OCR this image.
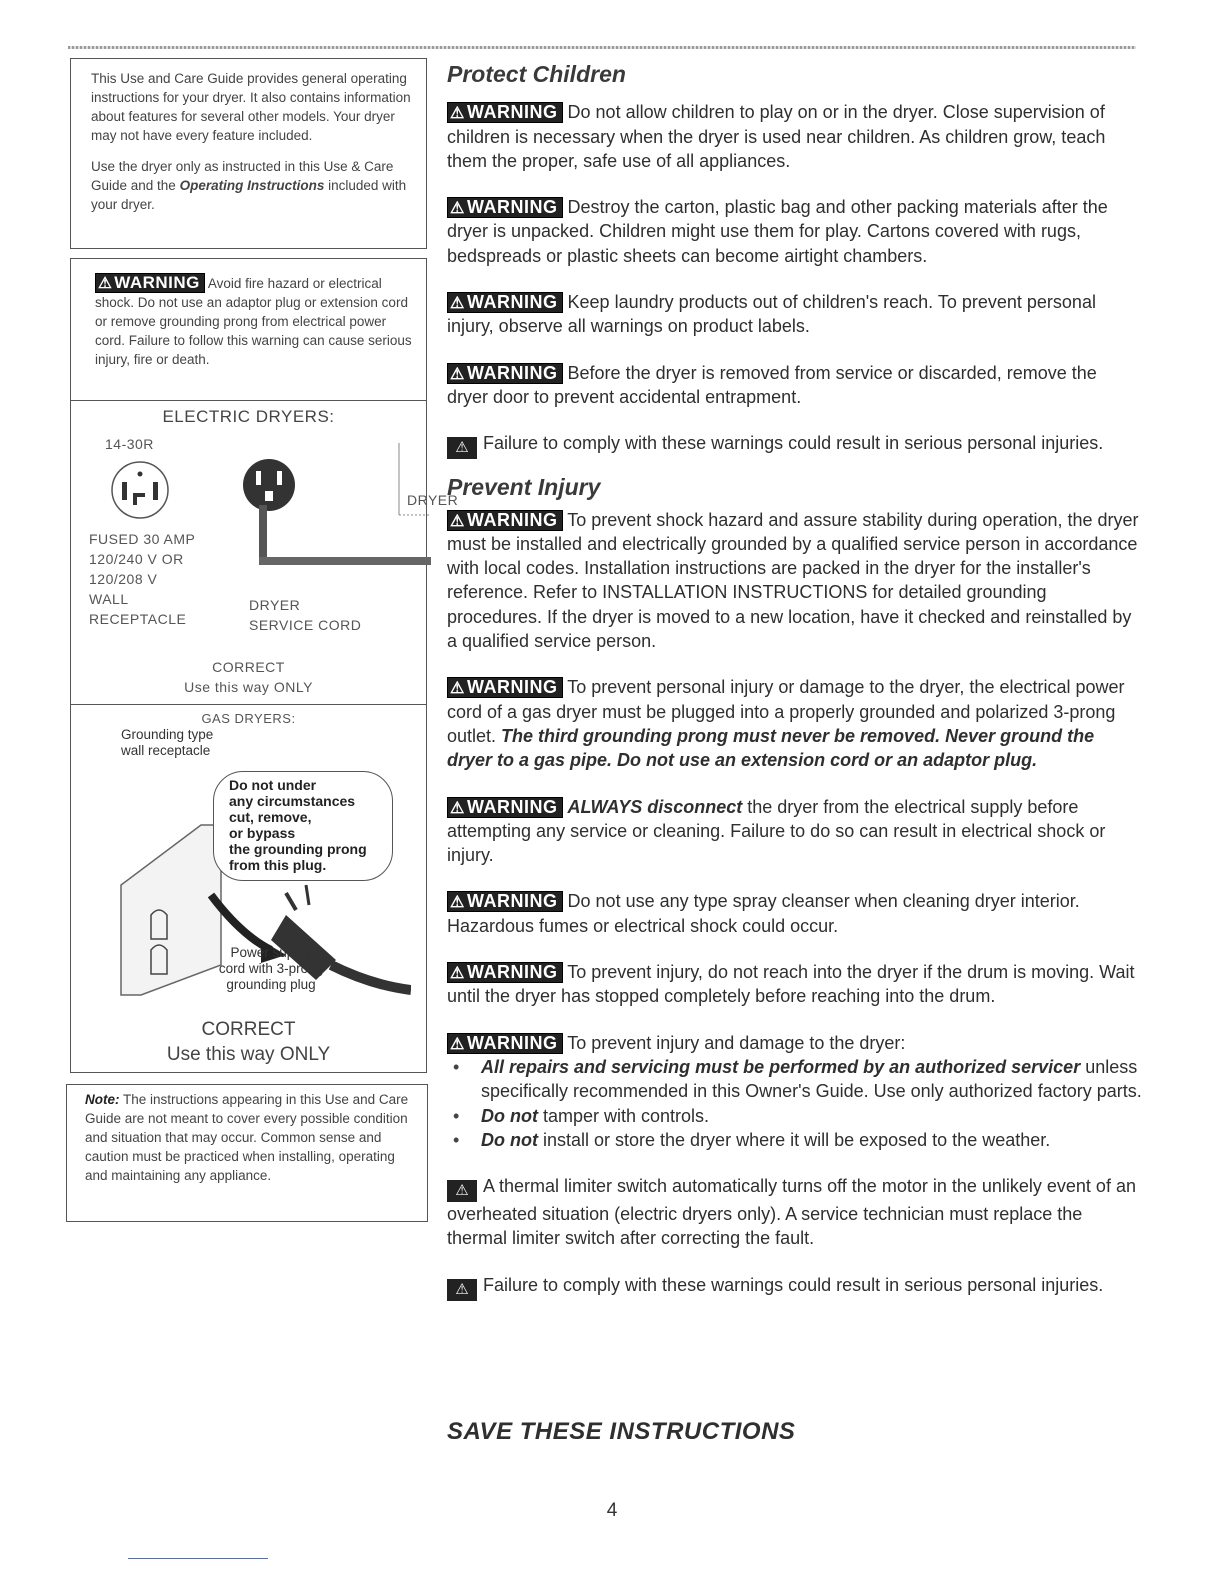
This Use and Care Guide provides general operating instructions for your dryer. It also contains information about features for several other models. Your dryer may not have every feature included.

Use the dryer only as instructed in this Use & Care Guide and the Operating Instructions included with your dryer.

⚠ WARNING Avoid fire hazard or electrical shock. Do not use an adaptor plug or extension cord or remove grounding prong from electrical power cord. Failure to follow this warning can cause serious injury, fire or death.
ELECTRIC DRYERS:
14-30R
DRYER
FUSED 30 AMP
120/240 V OR
120/208 V
WALL
RECEPTACLE
DRYER
SERVICE CORD
CORRECT
Use this way ONLY
GAS DRYERS:
Grounding type
wall receptacle
Do not under
any circumstances
cut, remove,
or bypass
the grounding prong
from this plug.
Power supply
cord with 3-prong
grounding plug
CORRECT
Use this way ONLY
Note: The instructions appearing in this Use and Care Guide are not meant to cover every possible condition and situation that may occur. Common sense and caution must be practiced when installing, operating and maintaining any appliance.
Protect Children

⚠ WARNING Do not allow children to play on or in the dryer. Close supervision of children is necessary when the dryer is used near children. As children grow, teach them the proper, safe use of all appliances.

⚠ WARNING Destroy the carton, plastic bag and other packing materials after the dryer is unpacked. Children might use them for play. Cartons covered with rugs, bedspreads or plastic sheets can become airtight chambers.

⚠ WARNING Keep laundry products out of children's reach. To prevent personal injury, observe all warnings on product labels.

⚠ WARNING Before the dryer is removed from service or discarded, remove the dryer door to prevent accidental entrapment.

⚠ Failure to comply with these warnings could result in serious personal injuries.

Prevent Injury

⚠ WARNING To prevent shock hazard and assure stability during operation, the dryer must be installed and electrically grounded by a qualified service person in accordance with local codes. Installation instructions are packed in the dryer for the installer's reference. Refer to INSTALLATION INSTRUCTIONS for detailed grounding procedures. If the dryer is moved to a new location, have it checked and reinstalled by a qualified service person.

⚠ WARNING To prevent personal injury or damage to the dryer, the electrical power cord of a gas dryer must be plugged into a properly grounded and polarized 3-prong outlet. The third grounding prong must never be removed. Never ground the dryer to a gas pipe. Do not use an extension cord or an adaptor plug.

⚠ WARNING ALWAYS disconnect the dryer from the electrical supply before attempting any service or cleaning. Failure to do so can result in electrical shock or injury.

⚠ WARNING Do not use any type spray cleanser when cleaning dryer interior. Hazardous fumes or electrical shock could occur.

⚠ WARNING To prevent injury, do not reach into the dryer if the drum is moving. Wait until the dryer has stopped completely before reaching into the drum.

⚠ WARNING To prevent injury and damage to the dryer:

• All repairs and servicing must be performed by an authorized servicer unless specifically recommended in this Owner's Guide. Use only authorized factory parts.
• Do not tamper with controls.
• Do not install or store the dryer where it will be exposed to the weather.

⚠ A thermal limiter switch automatically turns off the motor in the unlikely event of an overheated situation (electric dryers only). A service technician must replace the thermal limiter switch after correcting the fault.

⚠ Failure to comply with these warnings could result in serious personal injuries.

SAVE THESE INSTRUCTIONS
4
